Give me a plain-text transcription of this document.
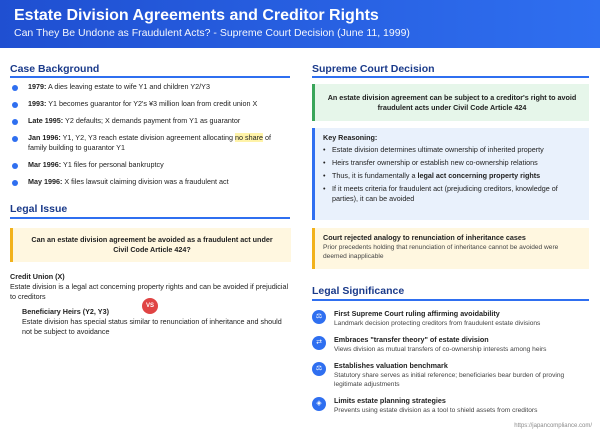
Estate Division Agreements and Creditor Rights
Can They Be Undone as Fraudulent Acts? - Supreme Court Decision (June 11, 1999)
Case Background
1979: A dies leaving estate to wife Y1 and children Y2/Y3
1993: Y1 becomes guarantor for Y2's ¥3 million loan from credit union X
Late 1995: Y2 defaults; X demands payment from Y1 as guarantor
Jan 1996: Y1, Y2, Y3 reach estate division agreement allocating no share of family building to guarantor Y1
Mar 1996: Y1 files for personal bankruptcy
May 1996: X files lawsuit claiming division was a fraudulent act
Legal Issue
Can an estate division agreement be avoided as a fraudulent act under Civil Code Article 424?
Credit Union (X)
Estate division is a legal act concerning property rights and can be avoided if prejudicial to creditors
VS
Beneficiary Heirs (Y2, Y3)
Estate division has special status similar to renunciation of inheritance and should not be subject to avoidance
Supreme Court Decision
An estate division agreement can be subject to a creditor's right to avoid fraudulent acts under Civil Code Article 424
Key Reasoning:
• Estate division determines ultimate ownership of inherited property
• Heirs transfer ownership or establish new co-ownership relations
• Thus, it is fundamentally a legal act concerning property rights
• If it meets criteria for fraudulent act (prejudicing creditors, knowledge of parties), it can be avoided
Court rejected analogy to renunciation of inheritance cases
Prior precedents holding that renunciation of inheritance cannot be avoided were deemed inapplicable
Legal Significance
⚖	First Supreme Court ruling affirming avoidability
Landmark decision protecting creditors from fraudulent estate divisions
⇄	Embraces "transfer theory" of estate division
Views division as mutual transfers of co-ownership interests among heirs
⚖	Establishes valuation benchmark
Statutory share serves as initial reference; beneficiaries bear burden of proving legitimate adjustments
◈	Limits estate planning strategies
Prevents using estate division as a tool to shield assets from creditors
https://japancompliance.com/
